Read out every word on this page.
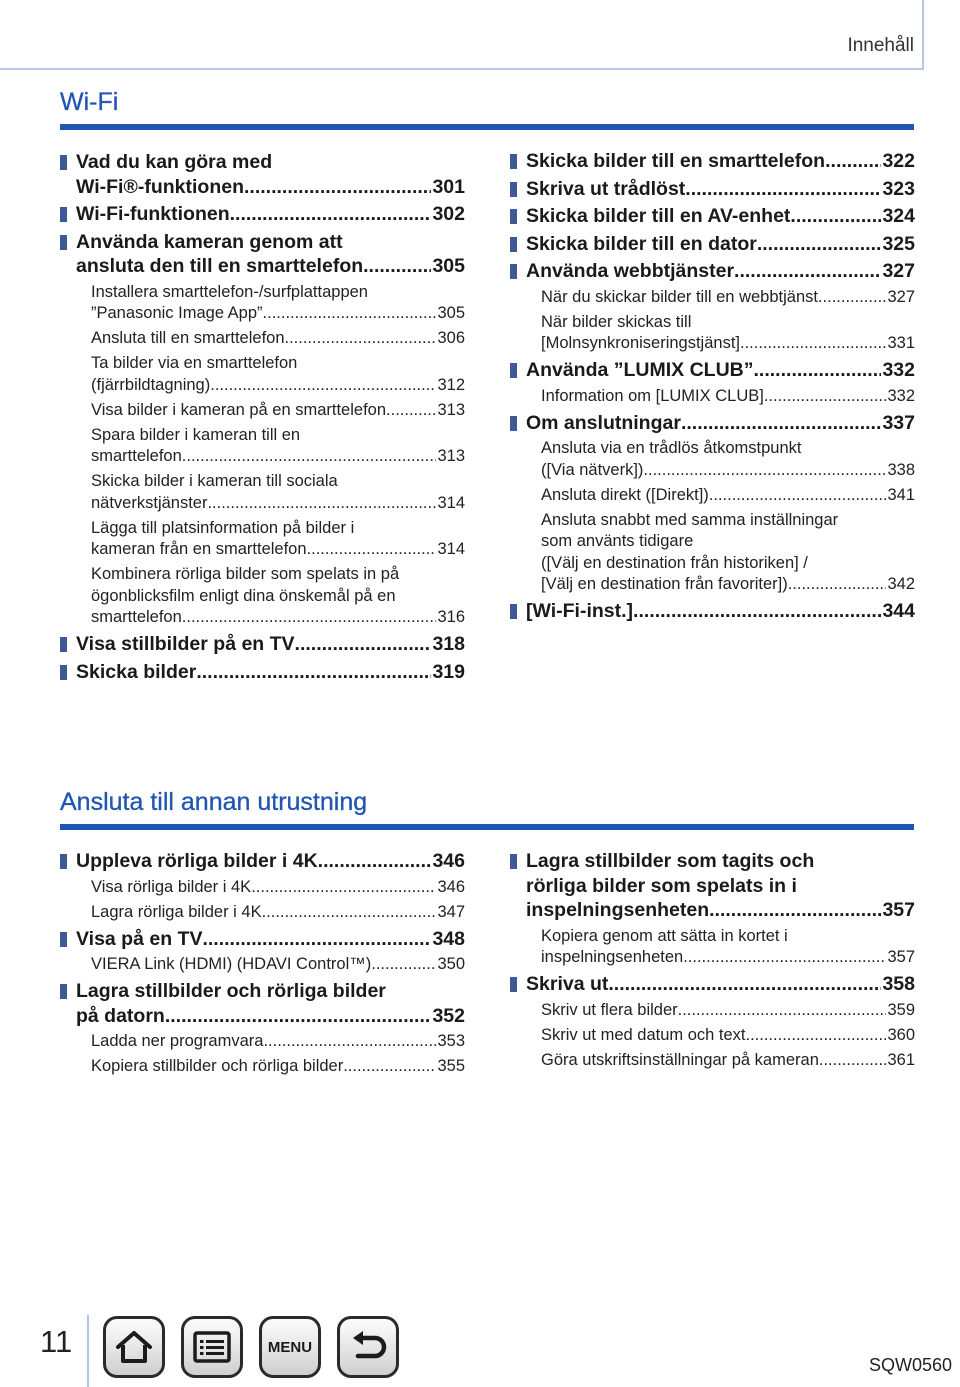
Innehåll
Wi-Fi
Vad du kan göra med
Wi-Fi®-funktionen .....	301
Wi-Fi-funktionen .....	302
Använda kameran genom att
ansluta den till en smarttelefon .....	305
Installera smarttelefon-/surfplattappen
”Panasonic Image App” .....	305
Ansluta till en smarttelefon .....	306
Ta bilder via en smarttelefon
(fjärrbildtagning) .....	312
Visa bilder i kameran på en smarttelefon .....	313
Spara bilder i kameran till en
smarttelefon .....	313
Skicka bilder i kameran till sociala
nätverkstjänster .....	314
Lägga till platsinformation på bilder i
kameran från en smarttelefon .....	314
Kombinera rörliga bilder som spelats in på
ögonblicksfilm enligt dina önskemål på en
smarttelefon .....	316
Visa stillbilder på en TV .....	318
Skicka bilder .....	319
Skicka bilder till en smarttelefon .....	322
Skriva ut trådlöst .....	323
Skicka bilder till en AV-enhet .....	324
Skicka bilder till en dator .....	325
Använda webbtjänster .....	327
När du skickar bilder till en webbtjänst .....	327
När bilder skickas till
[Molnsynkroniseringstjänst] .....	331
Använda ”LUMIX CLUB” .....	332
Information om [LUMIX CLUB] .....	332
Om anslutningar .....	337
Ansluta via en trådlös åtkomstpunkt
([Via nätverk]) .....	338
Ansluta direkt ([Direkt]) .....	341
Ansluta snabbt med samma inställningar
som använts tidigare
([Välj en destination från historiken] /
[Välj en destination från favoriter]) .....	342
[Wi-Fi-inst.] .....	344
Ansluta till annan utrustning
Uppleva rörliga bilder i 4K .....	346
Visa rörliga bilder i 4K .....	346
Lagra rörliga bilder i 4K .....	347
Visa på en TV .....	348
VIERA Link (HDMI) (HDAVI Control™) .....	350
Lagra stillbilder och rörliga bilder
på datorn .....	352
Ladda ner programvara .....	353
Kopiera stillbilder och rörliga bilder .....	355
Lagra stillbilder som tagits och
rörliga bilder som spelats in i
inspelningsenheten .....	357
Kopiera genom att sätta in kortet i
inspelningsenheten .....	357
Skriva ut .....	358
Skriv ut flera bilder .....	359
Skriv ut med datum och text .....	360
Göra utskriftsinställningar på kameran .....	361
11	MENU
SQW0560
